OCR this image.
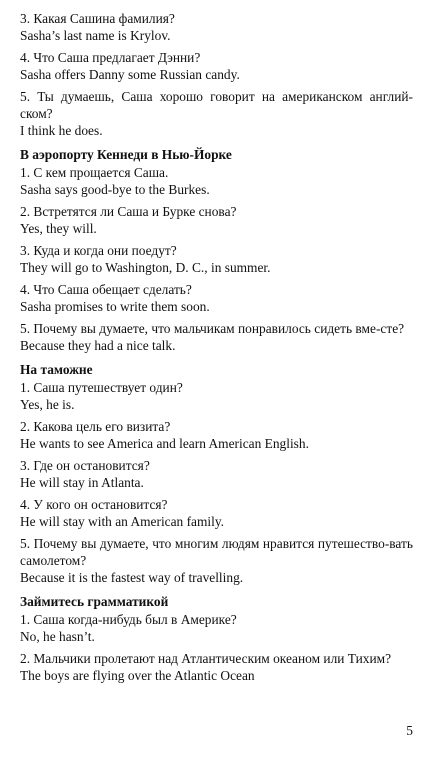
3. Какая Сашина фамилия?
Sasha’s last name is Krylov.
4. Что Саша предлагает Дэнни?
Sasha offers Danny some Russian candy.
5. Ты думаешь, Саша хорошо говорит на американском англий-ском?
I think he does.
В аэропорту Кеннеди в Нью-Йорке
1. С кем прощается Саша.
Sasha says good-bye to the Burkes.
2. Встретятся ли Саша и Бурке снова?
Yes, they will.
3. Куда и когда они поедут?
They will go to Washington, D. C., in summer.
4. Что Саша обещает сделать?
Sasha promises to write them soon.
5. Почему вы думаете, что мальчикам понравилось сидеть вме-сте?
Because they had a nice talk.
На таможне
1. Саша путешествует один?
Yes, he is.
2. Какова цель его визита?
He wants to see America and learn American English.
3. Где он остановится?
He will stay in Atlanta.
4. У кого он остановится?
He will stay with an American family.
5. Почему вы думаете, что многим людям нравится путешество-вать самолетом?
Because it is the fastest way of travelling.
Займитесь грамматикой
1. Саша когда-нибудь был в Америке?
No, he hasn’t.
2. Мальчики пролетают над Атлантическим океаном или Тихим?
The boys are flying over the Atlantic Ocean
5
